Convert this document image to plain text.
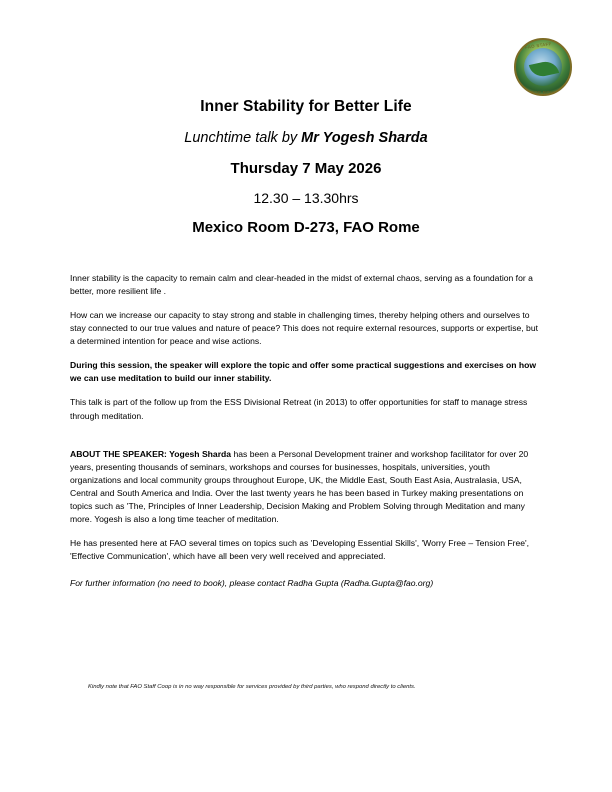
FAO STAFF
COOP ROMA
Inner Stability for Better Life
Lunchtime talk by Mr Yogesh Sharda
Thursday 7 May 2026
12.30 – 13.30hrs
Mexico Room D-273, FAO Rome

Inner stability is the capacity to remain calm and clear-headed in the midst of external chaos, serving as a foundation for a better, more resilient life .

How can we increase our capacity to stay strong and stable in challenging times, thereby helping others and ourselves to stay connected to our true values and nature of peace? This does not require external resources, supports or expertise, but a determined intention for peace and wise actions.

During this session, the speaker will explore the topic and offer some practical suggestions and exercises on how we can use meditation to build our inner stability.

This talk is part of the follow up from the ESS Divisional Retreat (in 2013) to offer opportunities for staff to manage stress through meditation.

ABOUT THE SPEAKER: Yogesh Sharda has been a Personal Development trainer and workshop facilitator for over 20 years, presenting thousands of seminars, workshops and courses for businesses, hospitals, universities, youth organizations and local community groups throughout Europe, UK, the Middle East, South East Asia, Australasia, USA, Central and South America and India. Over the last twenty years he has been based in Turkey making presentations on topics such as 'The, Principles of Inner Leadership, Decision Making and Problem Solving through Meditation and many more. Yogesh is also a long time teacher of meditation.

He has presented here at FAO several times on topics such as 'Developing Essential Skills', 'Worry Free – Tension Free', 'Effective Communication', which have all been very well received and appreciated.

For further information (no need to book), please contact Radha Gupta (Radha.Gupta@fao.org)

Kindly note that FAO Staff Coop is in no way responsible for services provided by third parties, who respond directly to clients.
